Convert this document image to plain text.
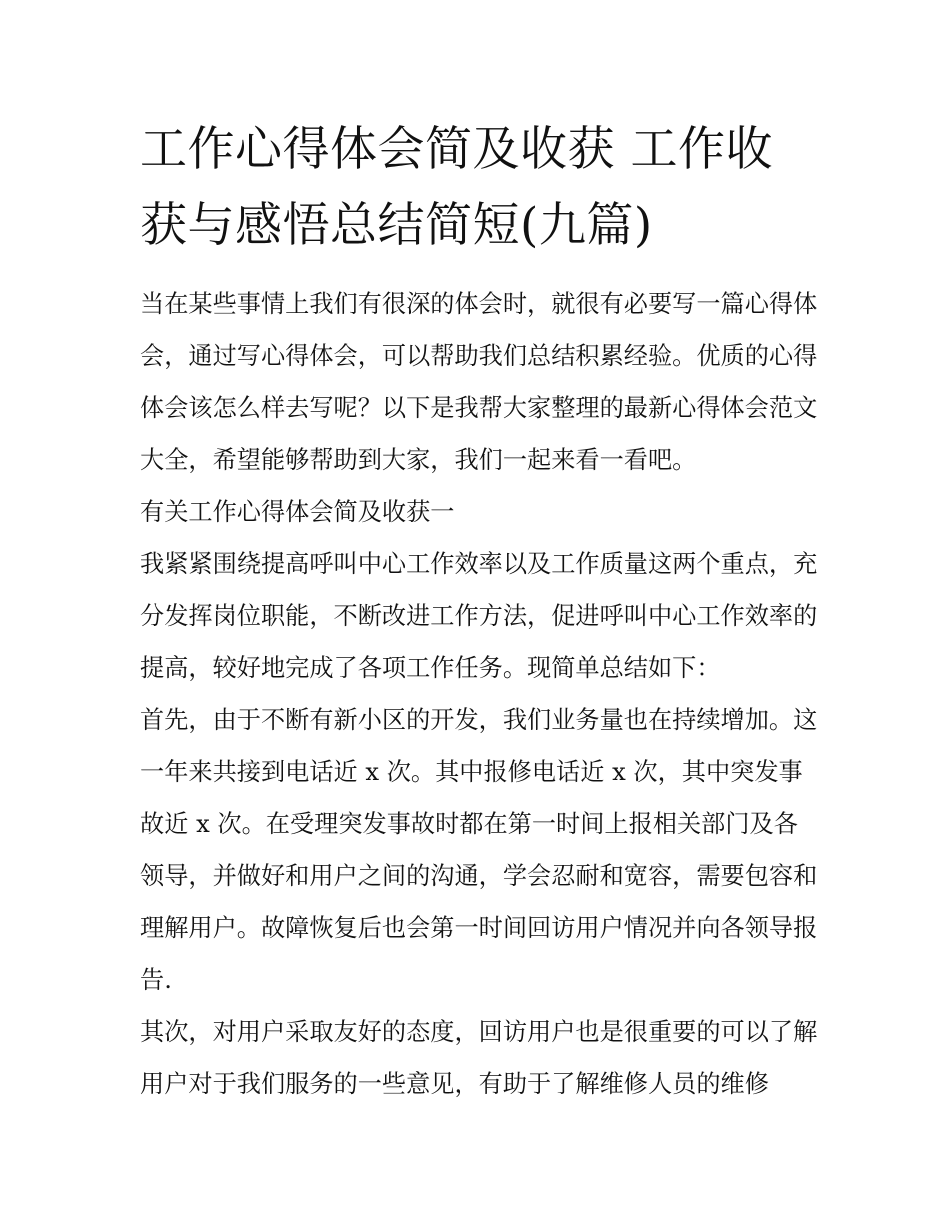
工作心得体会简及收获 工作收获与感悟总结简短(九篇)

当在某些事情上我们有很深的体会时，就很有必要写一篇心得体会，通过写心得体会，可以帮助我们总结积累经验。优质的心得体会该怎么样去写呢？以下是我帮大家整理的最新心得体会范文大全，希望能够帮助到大家，我们一起来看一看吧。

有关工作心得体会简及收获一

我紧紧围绕提高呼叫中心工作效率以及工作质量这两个重点，充分发挥岗位职能，不断改进工作方法，促进呼叫中心工作效率的提高，较好地完成了各项工作任务。现简单总结如下：

首先，由于不断有新小区的开发，我们业务量也在持续增加。这一年来共接到电话近 x 次。其中报修电话近 x 次，其中突发事故近 x 次。在受理突发事故时都在第一时间上报相关部门及各领导，并做好和用户之间的沟通，学会忍耐和宽容，需要包容和理解用户。故障恢复后也会第一时间回访用户情况并向各领导报告.

其次，对用户采取友好的态度，回访用户也是很重要的可以了解用户对于我们服务的一些意见，有助于了解维修人员的维修
